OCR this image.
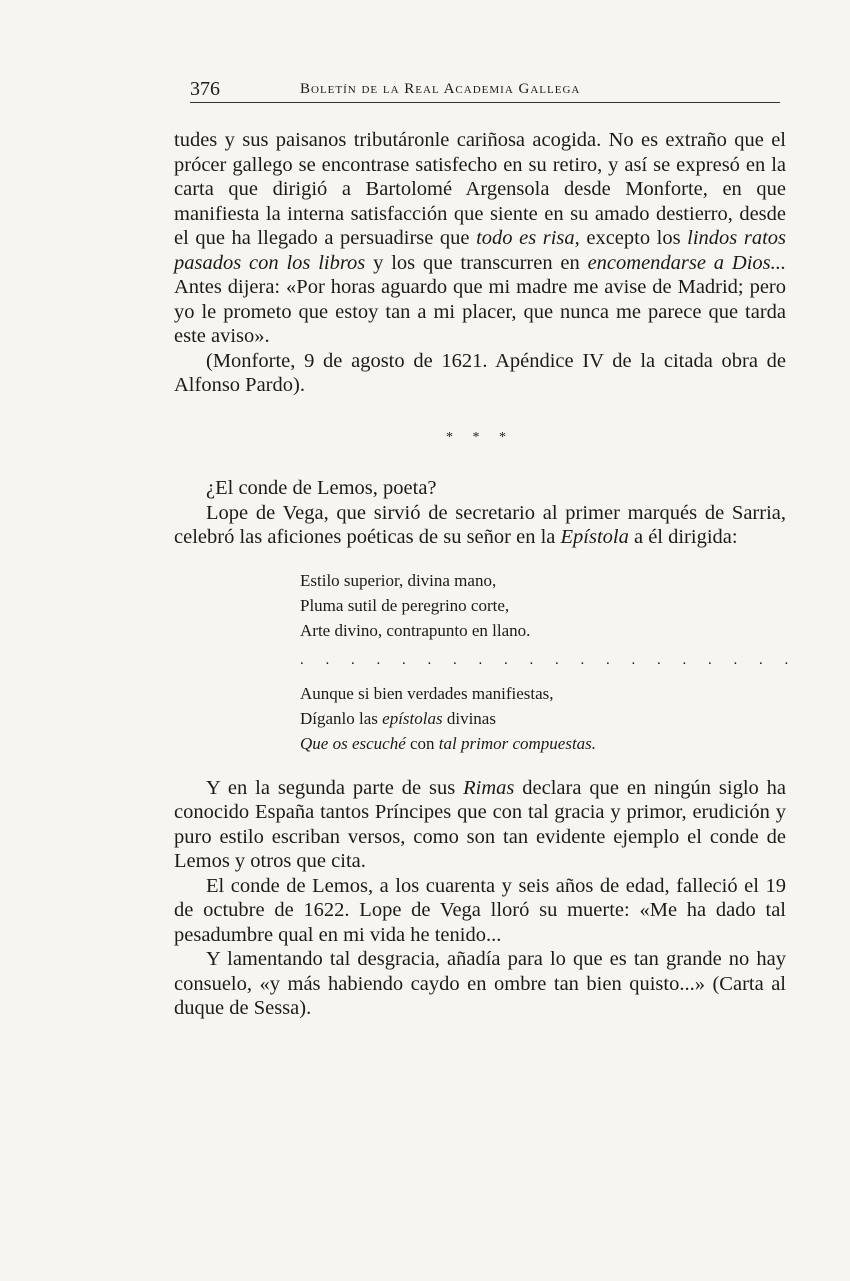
376	Boletín de la Real Academia Gallega

tudes y sus paisanos tributáronle cariñosa acogida. No es extraño que el prócer gallego se encontrase satisfecho en su retiro, y así se expresó en la carta que dirigió a Bartolomé Argensola desde Monforte, en que manifiesta la interna satisfacción que siente en su amado destierro, desde el que ha llegado a persuadirse que todo es risa, excepto los lindos ratos pasados con los libros y los que transcurren en encomendarse a Dios... Antes dijera: «Por horas aguardo que mi madre me avise de Madrid; pero yo le prometo que estoy tan a mi placer, que nunca me parece que tarda este aviso».

(Monforte, 9 de agosto de 1621. Apéndice IV de la citada obra de Alfonso Pardo).

* * *

¿El conde de Lemos, poeta?

Lope de Vega, que sirvió de secretario al primer marqués de Sarria, celebró las aficiones poéticas de su señor en la Epístola a él dirigida:

Estilo superior, divina mano,
Pluma sutil de peregrino corte,
Arte divino, contrapunto en llano.
. . . . . . . . . . . . . . . . . . . .
Aunque si bien verdades manifiestas,
Díganlo las epístolas divinas
Que os escuché con tal primor compuestas.

Y en la segunda parte de sus Rimas declara que en ningún siglo ha conocido España tantos Príncipes que con tal gracia y primor, erudición y puro estilo escriban versos, como son tan evidente ejemplo el conde de Lemos y otros que cita.

El conde de Lemos, a los cuarenta y seis años de edad, falleció el 19 de octubre de 1622. Lope de Vega lloró su muerte: «Me ha dado tal pesadumbre qual en mi vida he tenido...

Y lamentando tal desgracia, añadía para lo que es tan grande no hay consuelo, «y más habiendo caydo en ombre tan bien quisto...» (Carta al duque de Sessa).
